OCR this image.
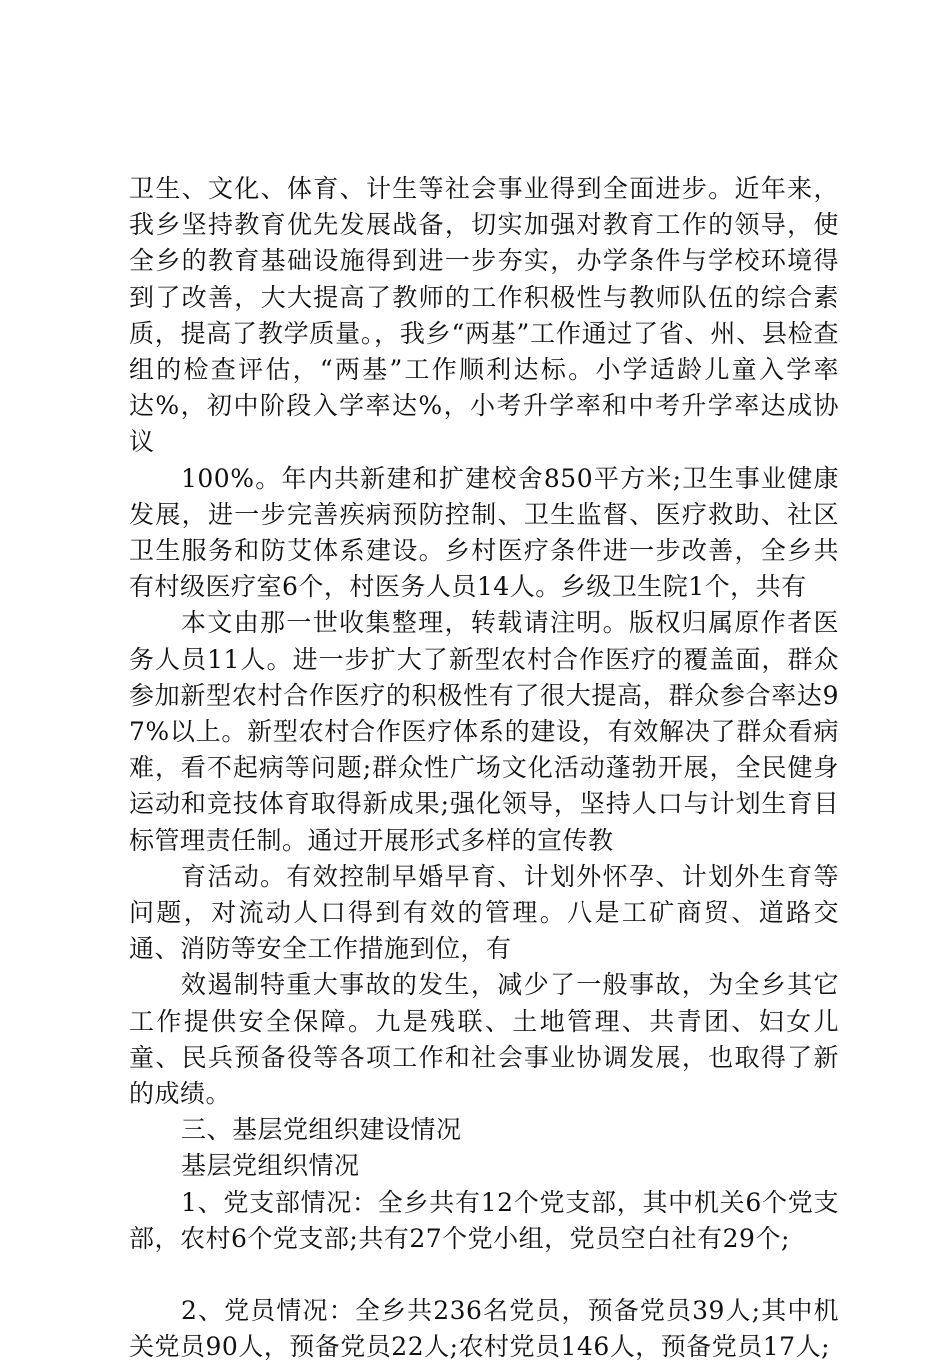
卫生、文化、体育、计生等社会事业得到全面进步。近年来，我乡坚持教育优先发展战备，切实加强对教育工作的领导，使全乡的教育基础设施得到进一步夯实，办学条件与学校环境得到了改善，大大提高了教师的工作积极性与教师队伍的综合素质，提高了教学质量。，我乡“两基”工作通过了省、州、县检查组的检查评估，“两基”工作顺利达标。小学适龄儿童入学率达%，初中阶段入学率达%，小考升学率和中考升学率达成协议

100%。年内共新建和扩建校舍850平方米;卫生事业健康发展，进一步完善疾病预防控制、卫生监督、医疗救助、社区卫生服务和防艾体系建设。乡村医疗条件进一步改善，全乡共有村级医疗室6个，村医务人员14人。乡级卫生院1个，共有

本文由那一世收集整理，转载请注明。版权归属原作者医务人员11人。进一步扩大了新型农村合作医疗的覆盖面，群众参加新型农村合作医疗的积极性有了很大提高，群众参合率达97%以上。新型农村合作医疗体系的建设，有效解决了群众看病难，看不起病等问题;群众性广场文化活动蓬勃开展，全民健身运动和竞技体育取得新成果;强化领导，坚持人口与计划生育目标管理责任制。通过开展形式多样的宣传教

育活动。有效控制早婚早育、计划外怀孕、计划外生育等问题，对流动人口得到有效的管理。八是工矿商贸、道路交通、消防等安全工作措施到位，有

效遏制特重大事故的发生，减少了一般事故，为全乡其它工作提供安全保障。九是残联、土地管理、共青团、妇女儿童、民兵预备役等各项工作和社会事业协调发展，也取得了新的成绩。

三、基层党组织建设情况

基层党组织情况

1、党支部情况：全乡共有12个党支部，其中机关6个党支部，农村6个党支部;共有27个党小组，党员空白社有29个;

2、党员情况：全乡共236名党员，预备党员39人;其中机关党员90人，预备党员22人;农村党员146人，预备党员17人;
